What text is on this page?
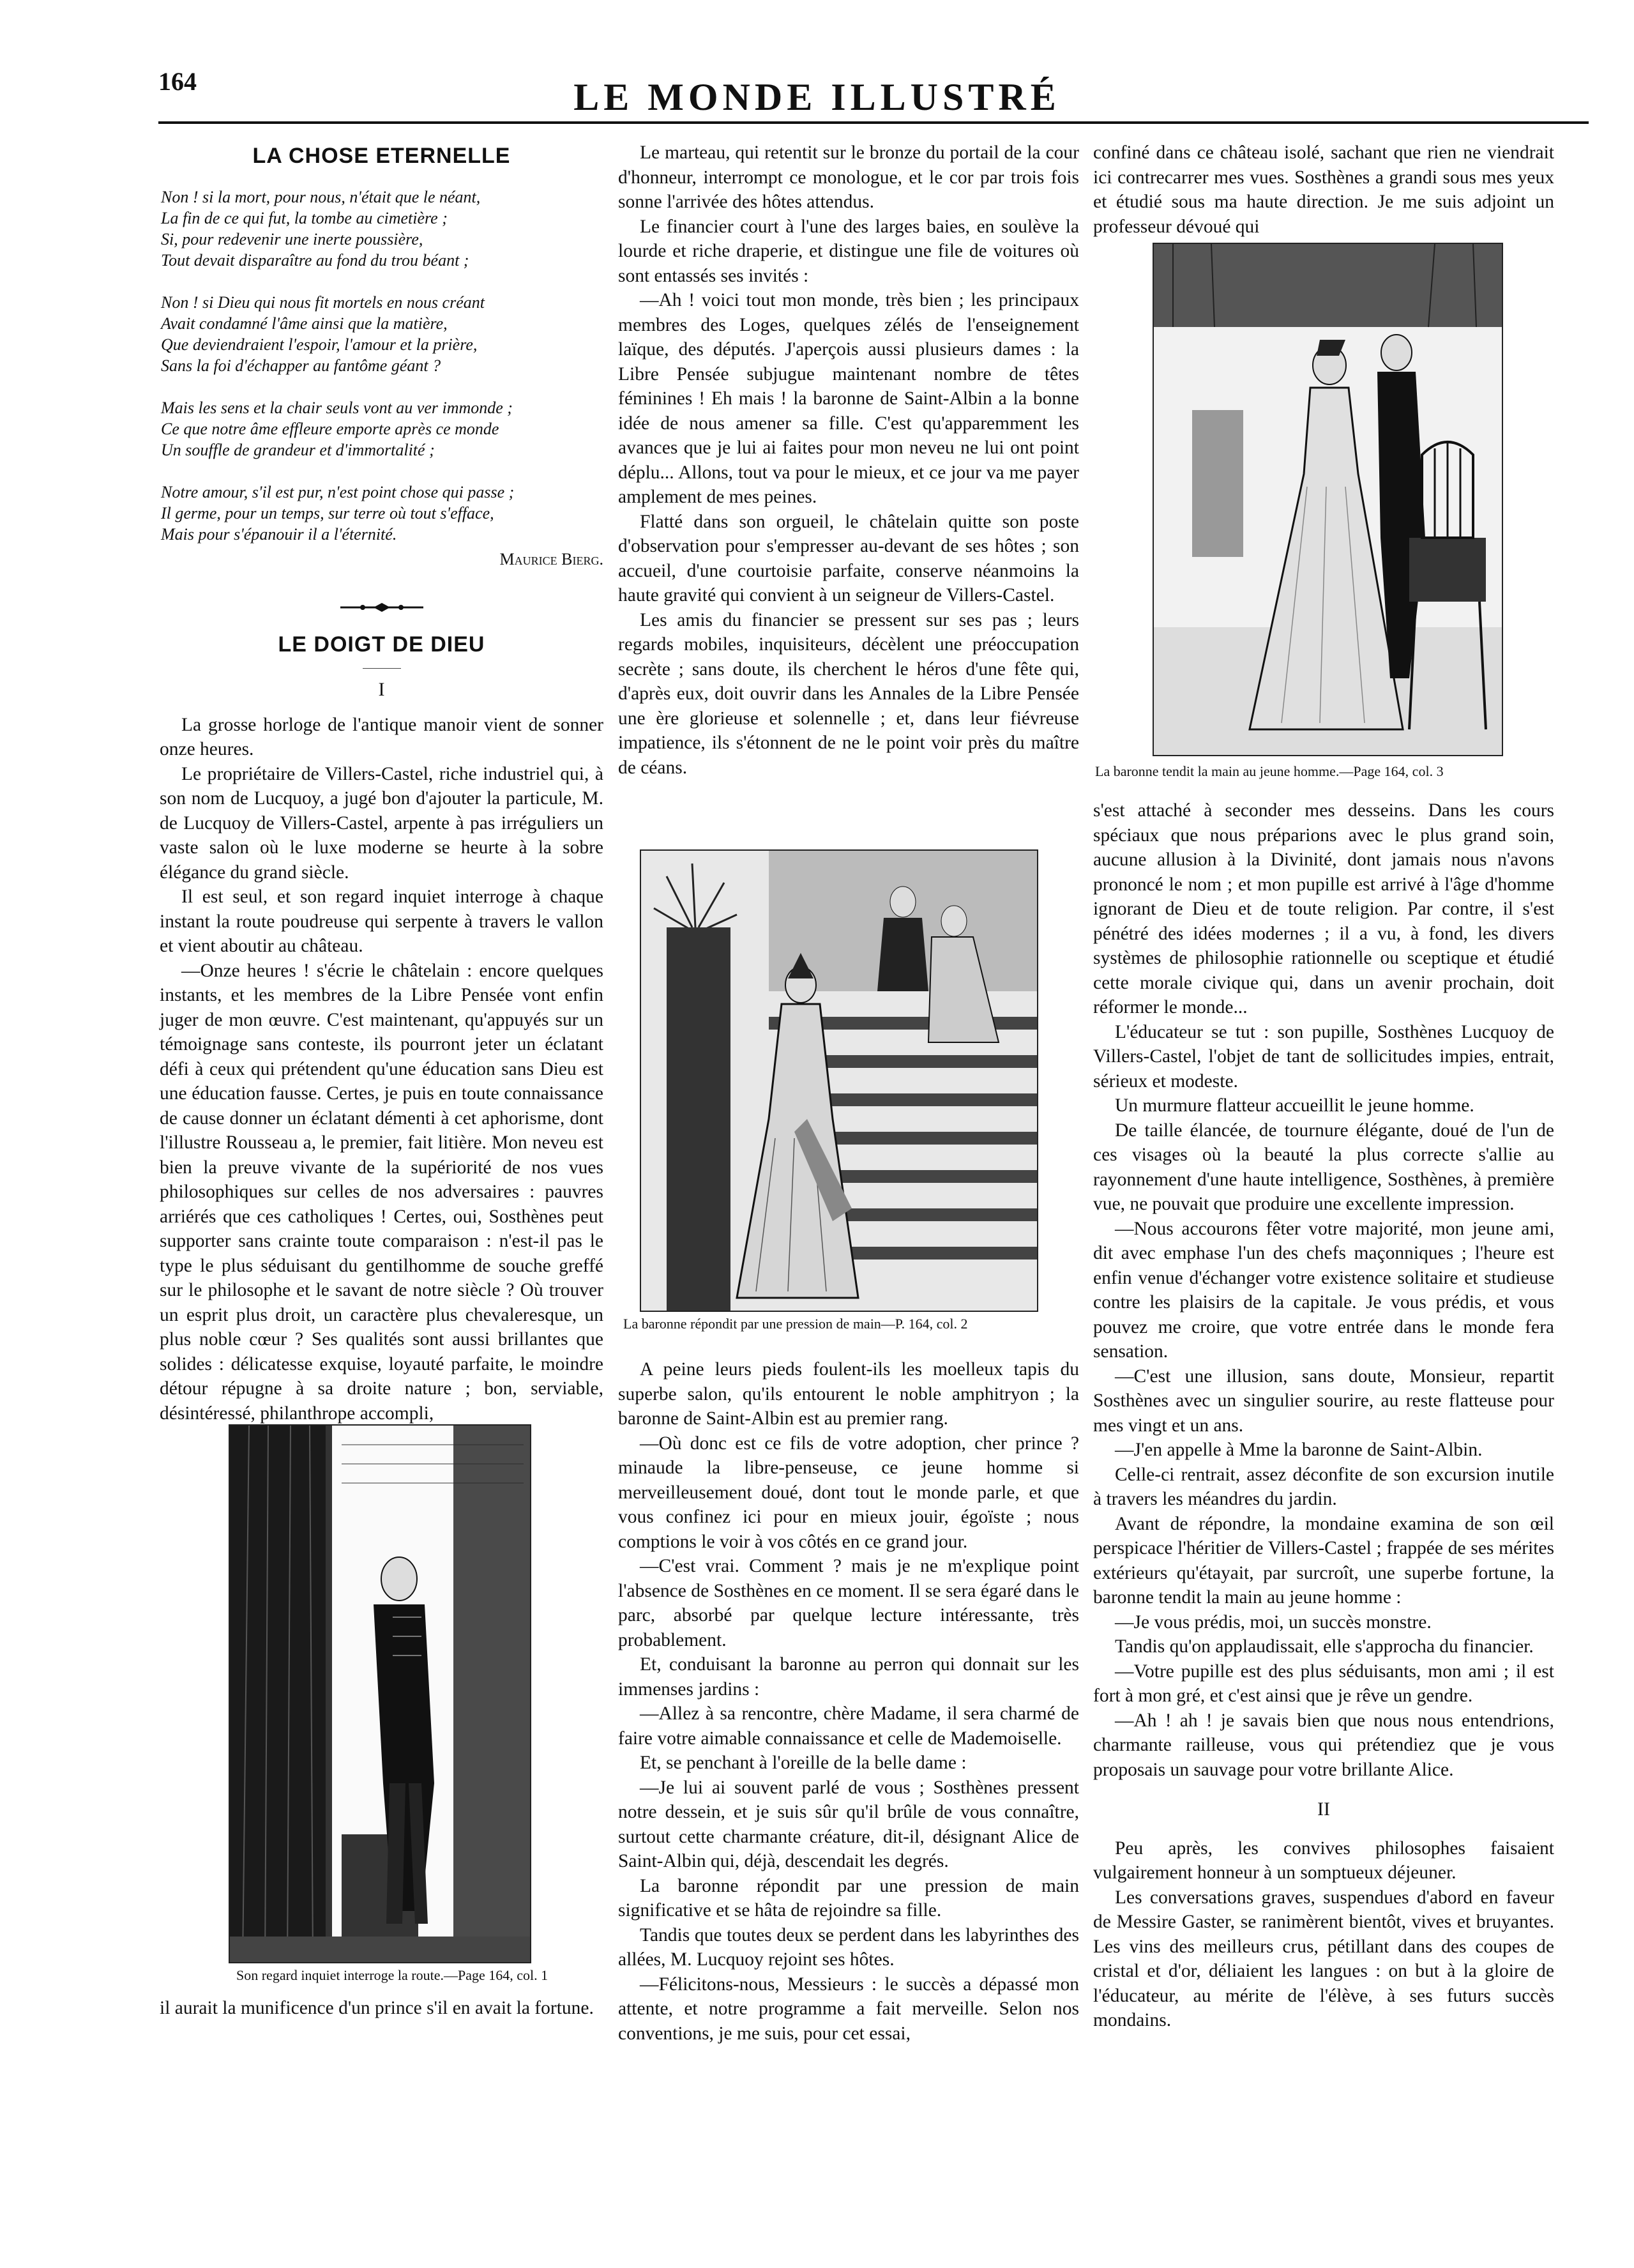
164	LE MONDE ILLUSTRÉ
LA CHOSE ETERNELLE
Non ! si la mort, pour nous, n'était que le néant,
La fin de ce qui fut, la tombe au cimetière ;
Si, pour redevenir une inerte poussière,
Tout devait disparaître au fond du trou béant ;
Non ! si Dieu qui nous fit mortels en nous créant
Avait condamné l'âme ainsi que la matière,
Que deviendraient l'espoir, l'amour et la prière,
Sans la foi d'échapper au fantôme géant ?
Mais les sens et la chair seuls vont au ver immonde ;
Ce que notre âme effleure emporte après ce monde
Un souffle de grandeur et d'immortalité ;
Notre amour, s'il est pur, n'est point chose qui passe ;
Il germe, pour un temps, sur terre où tout s'efface,
Mais pour s'épanouir il a l'éternité.
Maurice Bierg.
LE DOIGT DE DIEU
I

La grosse horloge de l'antique manoir vient de sonner onze heures.

Le propriétaire de Villers-Castel, riche industriel qui, à son nom de Lucquoy, a jugé bon d'ajouter la particule, M. de Lucquoy de Villers-Castel, arpente à pas irréguliers un vaste salon où le luxe moderne se heurte à la sobre élégance du grand siècle.

Il est seul, et son regard inquiet interroge à chaque instant la route poudreuse qui serpente à travers le vallon et vient aboutir au château.

—Onze heures ! s'écrie le châtelain : encore quelques instants, et les membres de la Libre Pensée vont enfin juger de mon œuvre. C'est maintenant, qu'appuyés sur un témoignage sans conteste, ils pourront jeter un éclatant défi à ceux qui prétendent qu'une éducation sans Dieu est une éducation fausse. Certes, je puis en toute connaissance de cause donner un éclatant démenti à cet aphorisme, dont l'illustre Rousseau a, le premier, fait litière. Mon neveu est bien la preuve vivante de la supériorité de nos vues philosophiques sur celles de nos adversaires : pauvres arriérés que ces catholiques ! Certes, oui, Sosthènes peut supporter sans crainte toute comparaison : n'est-il pas le type le plus séduisant du gentilhomme de souche greffé sur le philosophe et le savant de notre siècle ? Où trouver un esprit plus droit, un caractère plus chevaleresque, un plus noble cœur ? Ses qualités sont aussi brillantes que solides : délicatesse exquise, loyauté parfaite, le moindre détour répugne à sa droite nature ; bon, serviable, désintéressé, philanthrope accompli,

Son regard inquiet interroge la route.—Page 164, col. 1

il aurait la munificence d'un prince s'il en avait la fortune.

Le marteau, qui retentit sur le bronze du portail de la cour d'honneur, interrompt ce monologue, et le cor par trois fois sonne l'arrivée des hôtes attendus.

Le financier court à l'une des larges baies, en soulève la lourde et riche draperie, et distingue une file de voitures où sont entassés ses invités :

—Ah ! voici tout mon monde, très bien ; les principaux membres des Loges, quelques zélés de l'enseignement laïque, des députés. J'aperçois aussi plusieurs dames : la Libre Pensée subjugue maintenant nombre de têtes féminines ! Eh mais ! la baronne de Saint-Albin a la bonne idée de nous amener sa fille. C'est qu'apparemment les avances que je lui ai faites pour mon neveu ne lui ont point déplu... Allons, tout va pour le mieux, et ce jour va me payer amplement de mes peines.

Flatté dans son orgueil, le châtelain quitte son poste d'observation pour s'empresser au-devant de ses hôtes ; son accueil, d'une courtoisie parfaite, conserve néanmoins la haute gravité qui convient à un seigneur de Villers-Castel.

Les amis du financier se pressent sur ses pas ; leurs regards mobiles, inquisiteurs, décèlent une préoccupation secrète ; sans doute, ils cherchent le héros d'une fête qui, d'après eux, doit ouvrir dans les Annales de la Libre Pensée une ère glorieuse et solennelle ; et, dans leur fiévreuse impatience, ils s'étonnent de ne le point voir près du maître de céans.

La baronne répondit par une pression de main—P. 164, col. 2

A peine leurs pieds foulent-ils les moelleux tapis du superbe salon, qu'ils entourent le noble amphitryon ; la baronne de Saint-Albin est au premier rang.

—Où donc est ce fils de votre adoption, cher prince ? minaude la libre-penseuse, ce jeune homme si merveilleusement doué, dont tout le monde parle, et que vous confinez ici pour en mieux jouir, égoïste ; nous comptions le voir à vos côtés en ce grand jour.

—C'est vrai. Comment ? mais je ne m'explique point l'absence de Sosthènes en ce moment. Il se sera égaré dans le parc, absorbé par quelque lecture intéressante, très probablement.

Et, conduisant la baronne au perron qui donnait sur les immenses jardins :

—Allez à sa rencontre, chère Madame, il sera charmé de faire votre aimable connaissance et celle de Mademoiselle.

Et, se penchant à l'oreille de la belle dame :

—Je lui ai souvent parlé de vous ; Sosthènes pressent notre dessein, et je suis sûr qu'il brûle de vous connaître, surtout cette charmante créature, dit-il, désignant Alice de Saint-Albin qui, déjà, descendait les degrés.

La baronne répondit par une pression de main significative et se hâta de rejoindre sa fille.

Tandis que toutes deux se perdent dans les labyrinthes des allées, M. Lucquoy rejoint ses hôtes.

—Félicitons-nous, Messieurs : le succès a dépassé mon attente, et notre programme a fait merveille. Selon nos conventions, je me suis, pour cet essai,

confiné dans ce château isolé, sachant que rien ne viendrait ici contrecarrer mes vues. Sosthènes a grandi sous mes yeux et étudié sous ma haute direction. Je me suis adjoint un professeur dévoué qui

La baronne tendit la main au jeune homme.—Page 164, col. 3

s'est attaché à seconder mes desseins. Dans les cours spéciaux que nous préparions avec le plus grand soin, aucune allusion à la Divinité, dont jamais nous n'avons prononcé le nom ; et mon pupille est arrivé à l'âge d'homme ignorant de Dieu et de toute religion. Par contre, il s'est pénétré des idées modernes ; il a vu, à fond, les divers systèmes de philosophie rationnelle ou sceptique et étudié cette morale civique qui, dans un avenir prochain, doit réformer le monde...

L'éducateur se tut : son pupille, Sosthènes Lucquoy de Villers-Castel, l'objet de tant de sollicitudes impies, entrait, sérieux et modeste.

Un murmure flatteur accueillit le jeune homme.

De taille élancée, de tournure élégante, doué de l'un de ces visages où la beauté la plus correcte s'allie au rayonnement d'une haute intelligence, Sosthènes, à première vue, ne pouvait que produire une excellente impression.

—Nous accourons fêter votre majorité, mon jeune ami, dit avec emphase l'un des chefs maçonniques ; l'heure est enfin venue d'échanger votre existence solitaire et studieuse contre les plaisirs de la capitale. Je vous prédis, et vous pouvez me croire, que votre entrée dans le monde fera sensation.

—C'est une illusion, sans doute, Monsieur, repartit Sosthènes avec un singulier sourire, au reste flatteuse pour mes vingt et un ans.

—J'en appelle à Mme la baronne de Saint-Albin.

Celle-ci rentrait, assez déconfite de son excursion inutile à travers les méandres du jardin.

Avant de répondre, la mondaine examina de son œil perspicace l'héritier de Villers-Castel ; frappée de ses mérites extérieurs qu'étayait, par surcroît, une superbe fortune, la baronne tendit la main au jeune homme :

—Je vous prédis, moi, un succès monstre.

Tandis qu'on applaudissait, elle s'approcha du financier.

—Votre pupille est des plus séduisants, mon ami ; il est fort à mon gré, et c'est ainsi que je rêve un gendre.

—Ah ! ah ! je savais bien que nous nous entendrions, charmante railleuse, vous qui prétendiez que je vous proposais un sauvage pour votre brillante Alice.

II

Peu après, les convives philosophes faisaient vulgairement honneur à un somptueux déjeuner.

Les conversations graves, suspendues d'abord en faveur de Messire Gaster, se ranimèrent bientôt, vives et bruyantes. Les vins des meilleurs crus, pétillant dans des coupes de cristal et d'or, déliaient les langues : on but à la gloire de l'éducateur, au mérite de l'élève, à ses futurs succès mondains.
